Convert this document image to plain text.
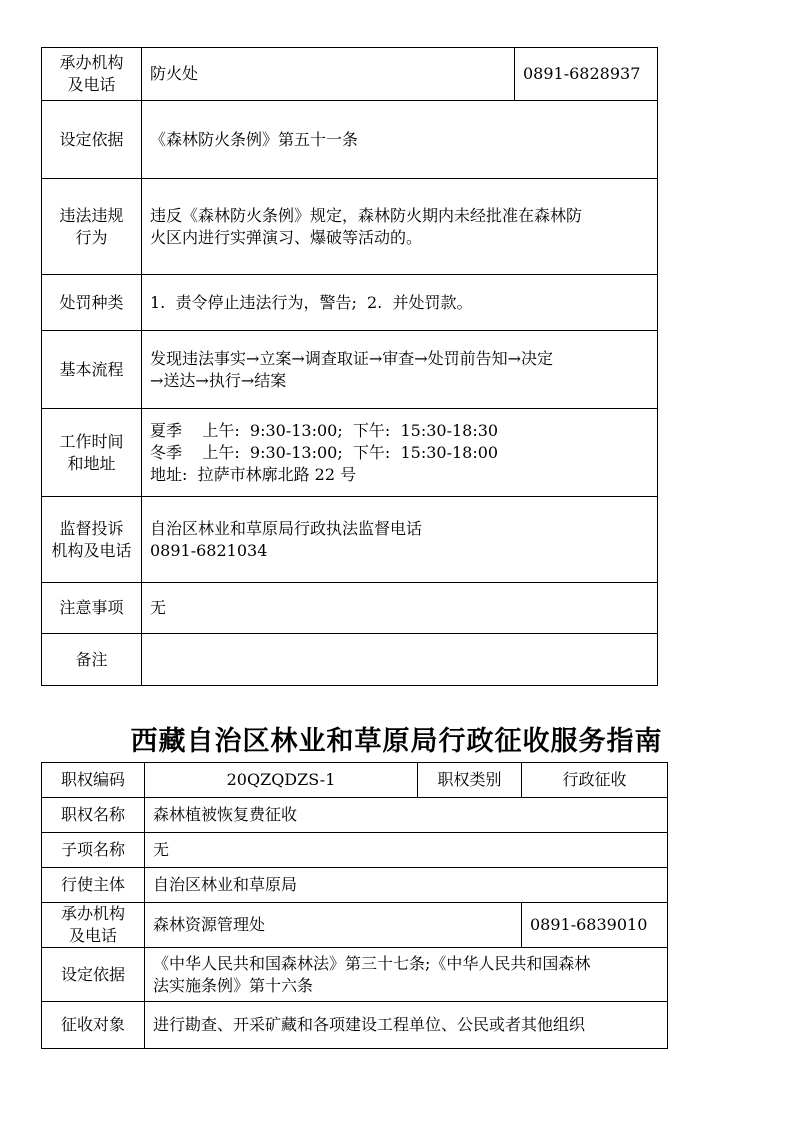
承办机构
及电话	防火处	0891-6828937
设定依据	《森林防火条例》第五十一条	
违法违规
行为	违反《森林防火条例》规定，森林防火期内未经批准在森林防
火区内进行实弹演习、爆破等活动的。	
处罚种类	1.  责令停止违法行为，警告;  2.  并处罚款。	
基本流程	发现违法事实→立案→调查取证→审查→处罚前告知→决定
→送达→执行→结案	
工作时间
和地址	夏季    上午:  9:30-13:00;  下午:  15:30-18:30
冬季    上午:  9:30-13:00;  下午:  15:30-18:00
地址:  拉萨市林廓北路 22 号	
监督投诉
机构及电话	自治区林业和草原局行政执法监督电话
0891-6821034	
注意事项	无	
备注		
西藏自治区林业和草原局行政征收服务指南
职权编码	20QZQDZS-1	职权类别	行政征收
职权名称	森林植被恢复费征收		
子项名称	无		
行使主体	自治区林业和草原局		
承办机构
及电话	森林资源管理处		0891-6839010
设定依据	《中华人民共和国森林法》第三十七条;《中华人民共和国森林
法实施条例》第十六条		
征收对象	进行勘查、开采矿藏和各项建设工程单位、公民或者其他组织		
